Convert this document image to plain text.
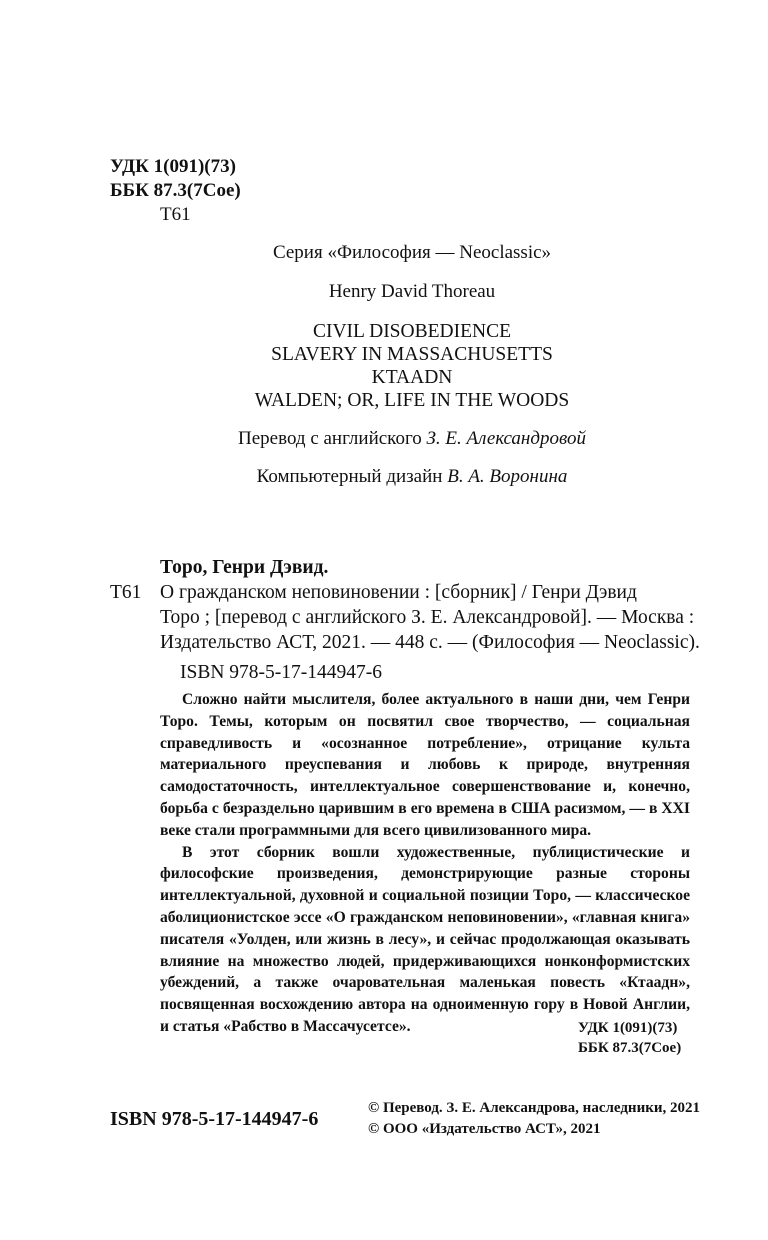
УДК 1(091)(73)
ББК 87.3(7Сое)
Т61
Серия «Философия — Neoclassic»
Henry David Thoreau
CIVIL DISOBEDIENCE
SLAVERY IN MASSACHUSETTS
KTAADN
WALDEN; OR, LIFE IN THE WOODS
Перевод с английского З. Е. Александровой
Компьютерный дизайн В. А. Воронина
Торо, Генри Дэвид.
Т61 О гражданском неповиновении : [сборник] / Генри Дэвид
Торо ; [перевод с английского З. Е. Александровой]. — Москва :
Издательство АСТ, 2021. — 448 с. — (Философия — Neoclassic).
ISBN 978-5-17-144947-6

Сложно найти мыслителя, более актуального в наши дни, чем Генри Торо. Темы, которым он посвятил свое творчество, — социальная справедливость и «осознанное потребление», отрицание культа материального преуспевания и любовь к природе, внутренняя самодостаточность, интеллектуальное совершенствование и, конечно, борьба с безраздельно царившим в его времена в США расизмом, — в XXI веке стали программными для всего цивилизованного мира.

В этот сборник вошли художественные, публицистические и философские произведения, демонстрирующие разные стороны интеллектуальной, духовной и социальной позиции Торо, — классическое аболиционистское эссе «О гражданском неповиновении», «главная книга» писателя «Уолден, или жизнь в лесу», и сейчас продолжающая оказывать влияние на множество людей, придерживающихся нонконформистских убеждений, а также очаровательная маленькая повесть «Ктаадн», посвященная восхождению автора на одноименную гору в Новой Англии, и статья «Рабство в Массачусетсе».	УДК 1(091)(73)
ББК 87.3(7Сое)
ISBN 978-5-17-144947-6	© Перевод. З. Е. Александрова, наследники, 2021
© ООО «Издательство АСТ», 2021
